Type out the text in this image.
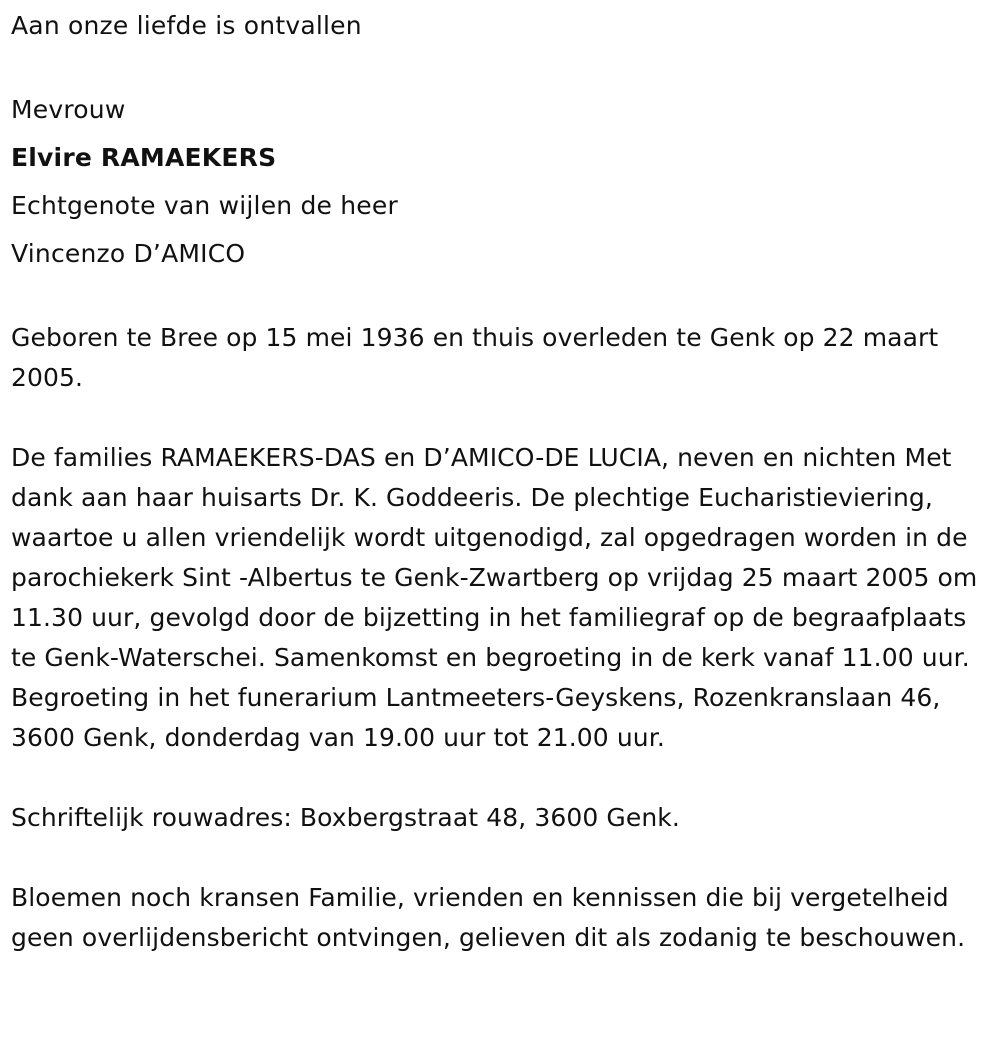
Aan onze liefde is ontvallen

Mevrouw

Elvire RAMAEKERS

Echtgenote van wijlen de heer

Vincenzo D’AMICO

Geboren te Bree op 15 mei 1936 en thuis overleden te Genk op 22 maart 2005.

De families RAMAEKERS-DAS en D’AMICO-DE LUCIA, neven en nichten Met dank aan haar huisarts Dr. K. Goddeeris. De plechtige Eucharistieviering, waartoe u allen vriendelijk wordt uitgenodigd, zal opgedragen worden in de parochiekerk Sint -Albertus te Genk-Zwartberg op vrijdag 25 maart 2005 om 11.30 uur, gevolgd door de bijzetting in het familiegraf op de begraafplaats te Genk-Waterschei. Samenkomst en begroeting in de kerk vanaf 11.00 uur. Begroeting in het funerarium Lantmeeters-Geyskens, Rozenkranslaan 46, 3600 Genk, donderdag van 19.00 uur tot 21.00 uur.

Schriftelijk rouwadres: Boxbergstraat 48, 3600 Genk.

Bloemen noch kransen Familie, vrienden en kennissen die bij vergetelheid geen overlijdensbericht ontvingen, gelieven dit als zodanig te beschouwen.
